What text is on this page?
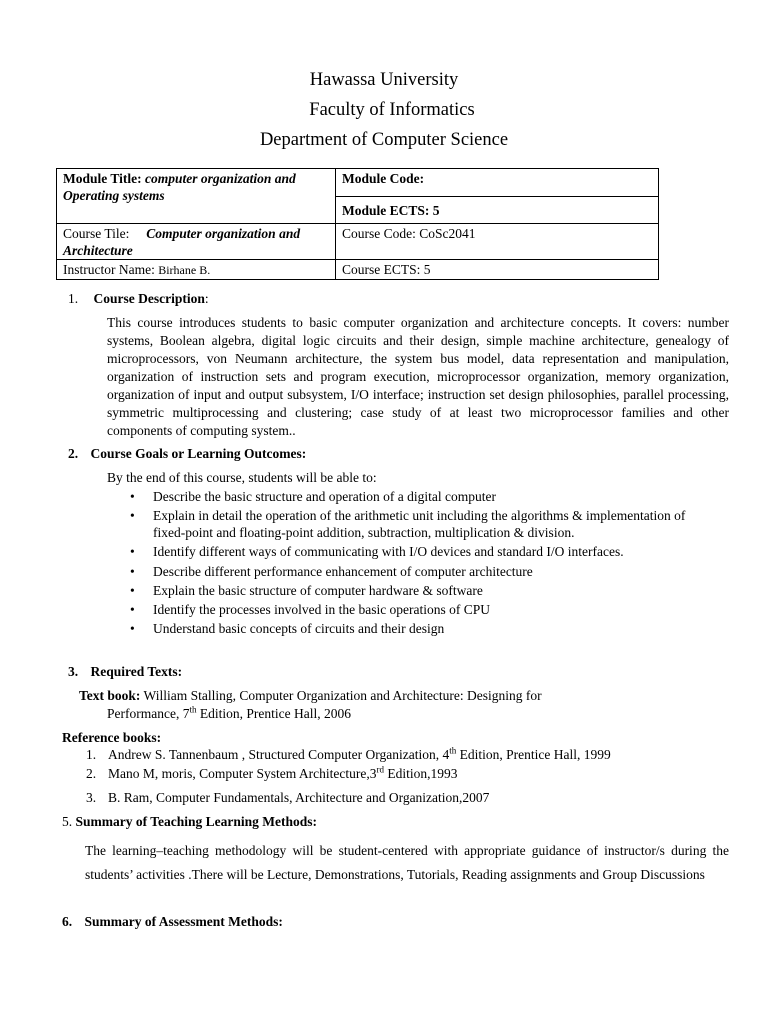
Hawassa University
Faculty of Informatics
Department of Computer Science
Module Title: computer organization and Operating systems	Module Code:
	Module ECTS: 5
Course Tile: Computer organization and Architecture	Course Code: CoSc2041
Instructor Name: Birhane B.	Course ECTS: 5
1. Course Description:
This course introduces students to basic computer organization and architecture concepts. It covers: number systems, Boolean algebra, digital logic circuits and their design, simple machine architecture, genealogy of microprocessors, von Neumann architecture, the system bus model, data representation and manipulation, organization of instruction sets and program execution, microprocessor organization, memory organization, organization of input and output subsystem, I/O interface; instruction set design philosophies, parallel processing, symmetric multiprocessing and clustering; case study of at least two microprocessor families and other components of computing system..
2. Course Goals or Learning Outcomes:
By the end of this course, students will be able to:
• Describe the basic structure and operation of a digital computer
• Explain in detail the operation of the arithmetic unit including the algorithms & implementation of fixed-point and floating-point addition, subtraction, multiplication & division.
• Identify different ways of communicating with I/O devices and standard I/O interfaces.
• Describe different performance enhancement of computer architecture
• Explain the basic structure of computer hardware & software
• Identify the processes involved in the basic operations of CPU
• Understand basic concepts of circuits and their design
3. Required Texts:
Text book: William Stalling, Computer Organization and Architecture: Designing for
Performance, 7th Edition, Prentice Hall, 2006
Reference books:
1. Andrew S. Tannenbaum , Structured Computer Organization, 4th Edition, Prentice Hall, 1999
2. Mano M, moris, Computer System Architecture,3rd Edition,1993
3. B. Ram, Computer Fundamentals, Architecture and Organization,2007
5. Summary of Teaching Learning Methods:
The learning–teaching methodology will be student-centered with appropriate guidance of instructor/s during the students’ activities .There will be Lecture, Demonstrations, Tutorials, Reading assignments and Group Discussions
6. Summary of Assessment Methods:
